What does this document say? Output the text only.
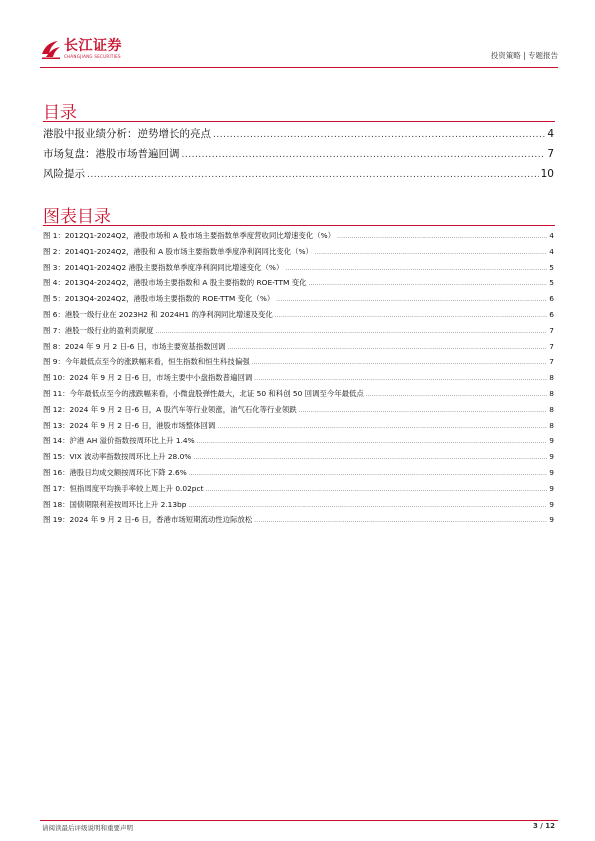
长江证券
CHANGJIANG SECURITIES	投资策略 | 专题报告
目录
港股中报业绩分析：逆势增长的亮点 .....	4
市场复盘：港股市场普遍回调 .....	7
风险提示 .....	10
图表目录
图 1：2012Q1-2024Q2，港股市场和 A 股市场主要指数单季度营收同比增速变化（%） .....	4
图 2：2014Q1-2024Q2，港股和 A 股市场主要指数单季度净利润同比变化（%） .....	4
图 3：2014Q1-2024Q2 港股主要指数单季度净利润同比增速变化（%） .....	5
图 4：2013Q4-2024Q2，港股市场主要指数和 A 股主要指数的 ROE-TTM 变化 .....	5
图 5：2013Q4-2024Q2，港股市场主要指数的 ROE-TTM 变化（%） .....	6
图 6：港股一级行业在 2023H2 和 2024H1 的净利润同比增速及变化 .....	6
图 7：港股一级行业的盈利贡献度 .....	7
图 8：2024 年 9 月 2 日-6 日，市场主要宽基指数回调 .....	7
图 9：今年最低点至今的涨跌幅来看，恒生指数和恒生科技偏强 .....	7
图 10：2024 年 9 月 2 日-6 日，市场主要中小盘指数普遍回调 .....	8
图 11：今年最低点至今的涨跌幅来看，小微盘股弹性最大，北证 50 和科创 50 回调至今年最低点 .....	8
图 12：2024 年 9 月 2 日-6 日，A 股汽车等行业领涨，油气石化等行业领跌 .....	8
图 13：2024 年 9 月 2 日-6 日，港股市场整体回调 .....	8
图 14：沪港 AH 溢价指数按周环比上升 1.4% .....	9
图 15：VIX 波动率指数按周环比上升 28.0% .....	9
图 16：港股日均成交额按周环比下降 2.6% .....	9
图 17：恒指周度平均换手率较上周上升 0.02pct .....	9
图 18：国债期限利差按周环比上升 2.13bp .....	9
图 19：2024 年 9 月 2 日-6 日，香港市场短期流动性边际放松 .....	9
请阅读最后评级说明和重要声明	3 / 12
